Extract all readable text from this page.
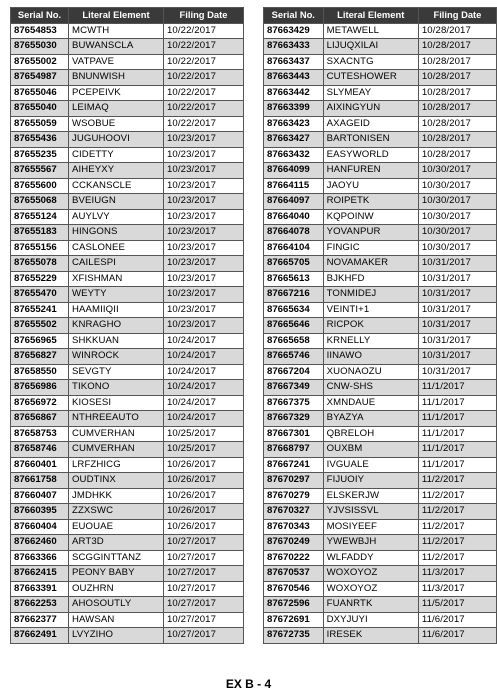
Serial No.	Literal Element	Filing Date
87654853	MCWTH	10/22/2017
87655030	BUWANSCLA	10/22/2017
87655002	VATPAVE	10/22/2017
87654987	BNUNWISH	10/22/2017
87655046	PCEPEIVK	10/22/2017
87655040	LEIMAQ	10/22/2017
87655059	WSOBUE	10/22/2017
87655436	JUGUHOOVI	10/23/2017
87655235	CIDETTY	10/23/2017
87655567	AIHEYXY	10/23/2017
87655600	CCKANSCLE	10/23/2017
87655068	BVEIUGN	10/23/2017
87655124	AUYLVY	10/23/2017
87655183	HINGONS	10/23/2017
87655156	CASLONEE	10/23/2017
87655078	CAILESPI	10/23/2017
87655229	XFISHMAN	10/23/2017
87655470	WEYTY	10/23/2017
87655241	HAAMIIQII	10/23/2017
87655502	KNRAGHO	10/23/2017
87656965	SHKKUAN	10/24/2017
87656827	WINROCK	10/24/2017
87658550	SEVGTY	10/24/2017
87656986	TIKONO	10/24/2017
87656972	KIOSESI	10/24/2017
87656867	NTHREEAUTO	10/24/2017
87658753	CUMVERHAN	10/25/2017
87658746	CUMVERHAN	10/25/2017
87660401	LRFZHICG	10/26/2017
87661758	OUDTINX	10/26/2017
87660407	JMDHKK	10/26/2017
87660395	ZZXSWC	10/26/2017
87660404	EUOUAE	10/26/2017
87662460	ART3D	10/27/2017
87663366	SCGGINTTANZ	10/27/2017
87662415	PEONY BABY	10/27/2017
87663391	OUZHRN	10/27/2017
87662253	AHOSOUTLY	10/27/2017
87662377	HAWSAN	10/27/2017
87662491	LVYZIHO	10/27/2017
Serial No.	Literal Element	Filing Date
87663429	METAWELL	10/28/2017
87663433	LIJUQXILAI	10/28/2017
87663437	SXACNTG	10/28/2017
87663443	CUTESHOWER	10/28/2017
87663442	SLYMEAY	10/28/2017
87663399	AIXINGYUN	10/28/2017
87663423	AXAGEID	10/28/2017
87663427	BARTONISEN	10/28/2017
87663432	EASYWORLD	10/28/2017
87664099	HANFUREN	10/30/2017
87664115	JAOYU	10/30/2017
87664097	ROIPETK	10/30/2017
87664040	KQPOINW	10/30/2017
87664078	YOVANPUR	10/30/2017
87664104	FINGIC	10/30/2017
87665705	NOVAMAKER	10/31/2017
87665613	BJKHFD	10/31/2017
87667216	TONMIDEJ	10/31/2017
87665634	VEINTI+1	10/31/2017
87665646	RICPOK	10/31/2017
87665658	KRNELLY	10/31/2017
87665746	IINAWO	10/31/2017
87667204	XUONAOZU	10/31/2017
87667349	CNW-SHS	11/1/2017
87667375	XMNDAUE	11/1/2017
87667329	BYAZYA	11/1/2017
87667301	QBRELOH	11/1/2017
87668797	OUXBM	11/1/2017
87667241	IVGUALE	11/1/2017
87670297	FIJUOIY	11/2/2017
87670279	ELSKERJW	11/2/2017
87670327	YJVSISSVL	11/2/2017
87670343	MOSIYEEF	11/2/2017
87670249	YWEWBJH	11/2/2017
87670222	WLFADDY	11/2/2017
87670537	WOXOYOZ	11/3/2017
87670546	WOXOYOZ	11/3/2017
87672596	FUANRTK	11/5/2017
87672691	DXYJUYI	11/6/2017
87672735	IRESEK	11/6/2017
EX B - 4
